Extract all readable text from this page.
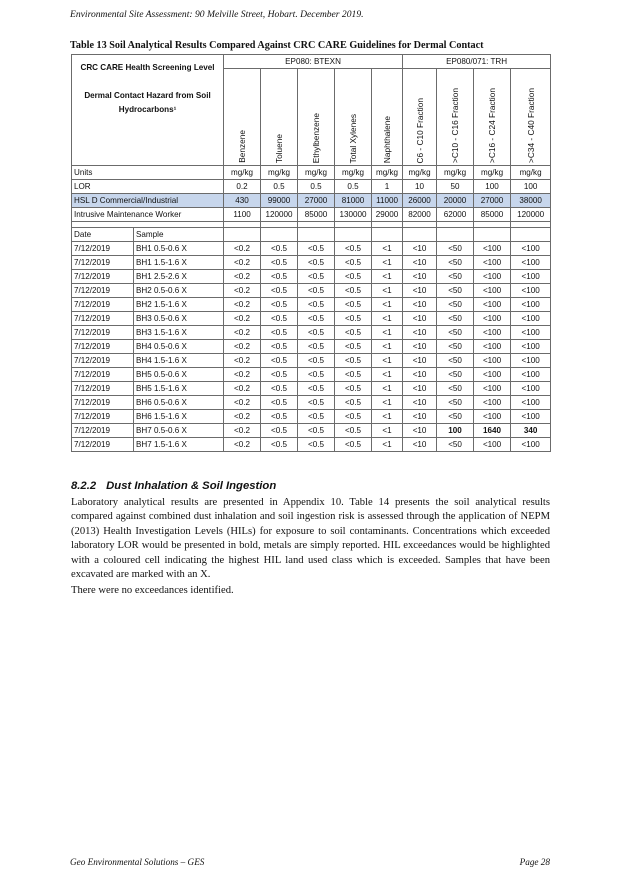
Environmental Site Assessment: 90 Melville Street, Hobart. December 2019.
Table 13 Soil Analytical Results Compared Against CRC CARE Guidelines for Dermal Contact
CRC CARE Health Screening Level
Dermal Contact Hazard from Soil Hydrocarbons¹		EP080: BTEXN					EP080/071: TRH			

		Benzene	Toluene	Ethylbenzene	Total Xylenes	Naphthalene	C6 - C10 Fraction	>C10 - C16 Fraction	>C16 - C24 Fraction	>C34 - C40 Fraction

Units		mg/kg	mg/kg	mg/kg	mg/kg	mg/kg	mg/kg	mg/kg	mg/kg	mg/kg
LOR		0.2	0.5	0.5	0.5	1	10	50	100	100
HSL D Commercial/Industrial		430	99000	27000	81000	11000	26000	20000	27000	38000
Intrusive Maintenance Worker		1100	120000	85000	130000	29000	82000	62000	85000	120000

Date	Sample									
7/12/2019	BH1 0.5-0.6 X	<0.2	<0.5	<0.5	<0.5	<1	<10	<50	<100	<100
7/12/2019	BH1 1.5-1.6 X	<0.2	<0.5	<0.5	<0.5	<1	<10	<50	<100	<100
7/12/2019	BH1 2.5-2.6 X	<0.2	<0.5	<0.5	<0.5	<1	<10	<50	<100	<100
7/12/2019	BH2 0.5-0.6 X	<0.2	<0.5	<0.5	<0.5	<1	<10	<50	<100	<100
7/12/2019	BH2 1.5-1.6 X	<0.2	<0.5	<0.5	<0.5	<1	<10	<50	<100	<100
7/12/2019	BH3 0.5-0.6 X	<0.2	<0.5	<0.5	<0.5	<1	<10	<50	<100	<100
7/12/2019	BH3 1.5-1.6 X	<0.2	<0.5	<0.5	<0.5	<1	<10	<50	<100	<100
7/12/2019	BH4 0.5-0.6 X	<0.2	<0.5	<0.5	<0.5	<1	<10	<50	<100	<100
7/12/2019	BH4 1.5-1.6 X	<0.2	<0.5	<0.5	<0.5	<1	<10	<50	<100	<100
7/12/2019	BH5 0.5-0.6 X	<0.2	<0.5	<0.5	<0.5	<1	<10	<50	<100	<100
7/12/2019	BH5 1.5-1.6 X	<0.2	<0.5	<0.5	<0.5	<1	<10	<50	<100	<100
7/12/2019	BH6 0.5-0.6 X	<0.2	<0.5	<0.5	<0.5	<1	<10	<50	<100	<100
7/12/2019	BH6 1.5-1.6 X	<0.2	<0.5	<0.5	<0.5	<1	<10	<50	<100	<100
7/12/2019	BH7 0.5-0.6 X	<0.2	<0.5	<0.5	<0.5	<1	<10	100	1640	340
7/12/2019	BH7 1.5-1.6 X	<0.2	<0.5	<0.5	<0.5	<1	<10	<50	<100	<100
8.2.2 Dust Inhalation & Soil Ingestion

Laboratory analytical results are presented in Appendix 10. Table 14 presents the soil analytical results compared against combined dust inhalation and soil ingestion risk is assessed through the application of NEPM (2013) Health Investigation Levels (HILs) for exposure to soil contaminants. Concentrations which exceeded laboratory LOR would be presented in bold, metals are simply reported. HIL exceedances would be highlighted with a coloured cell indicating the highest HIL land used class which is exceeded. Samples that have been excavated are marked with an X.

There were no exceedances identified.

Geo Environmental Solutions – GES	Page 28
